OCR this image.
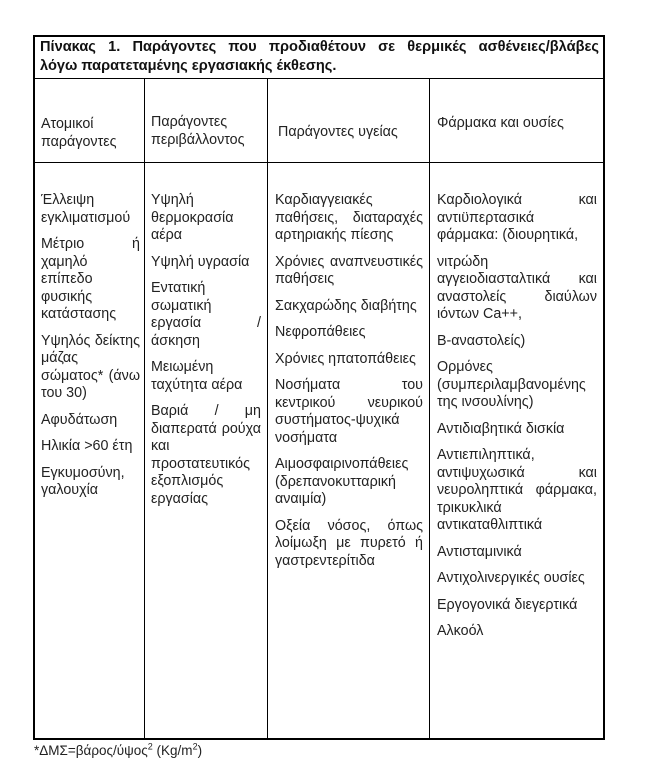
Πίνακας 1. Παράγοντες που προδιαθέτουν σε θερμικές ασθένειες/βλάβες
λόγω παρατεταμένης εργασιακής έκθεσης.
Ατομικοί παράγοντες
Παράγοντες περιβάλλοντος	Παράγοντες υγείας
Φάρμακα και ουσίες
Έλλειψη εγκλιματισμού
Μέτριο ή χαμηλό επίπεδο φυσικής κατάστασης
Υψηλός δείκτης μάζας σώματος* (άνω του 30)
Αφυδάτωση
Ηλικία >60 έτη
Εγκυμοσύνη, γαλουχία
Υψηλή θερμοκρασία αέρα
Υψηλή υγρασία
Εντατική σωματική εργασία / άσκηση
Μειωμένη ταχύτητα αέρα
Βαριά / μη διαπερατά ρούχα και προστατευτικός εξοπλισμός εργασίας
Καρδιαγγειακές παθήσεις, διαταραχές αρτηριακής πίεσης
Χρόνιες αναπνευστικές παθήσεις
Σακχαρώδης διαβήτης
Νεφροπάθειες
Χρόνιες ηπατοπάθειες
Νοσήματα του κεντρικού νευρικού συστήματος-ψυχικά νοσήματα
Αιμοσφαιρινοπάθειες (δρεπανοκυτταρική αναιμία)
Οξεία νόσος, όπως λοίμωξη με πυρετό ή γαστρεντερίτιδα
Καρδιολογικά και αντιϋπερτασικά φάρμακα: (διουρητικά,
νιτρώδη αγγειοδιασταλτικά και αναστολείς διαύλων ιόντων Ca++,
Β-αναστολείς)
Ορμόνες (συμπεριλαμβανομένης της ινσουλίνης)
Αντιδιαβητικά δισκία
Αντιεπιληπτικά, αντιψυχωσικά και νευροληπτικά φάρμακα, τρικυκλικά αντικαταθλιπτικά
Αντισταμινικά
Αντιχολινεργικές ουσίες
Εργογονικά διεγερτικά
Αλκοόλ
*ΔΜΣ=βάρος/ύψος$^2$ $(Kg/m^2)$
